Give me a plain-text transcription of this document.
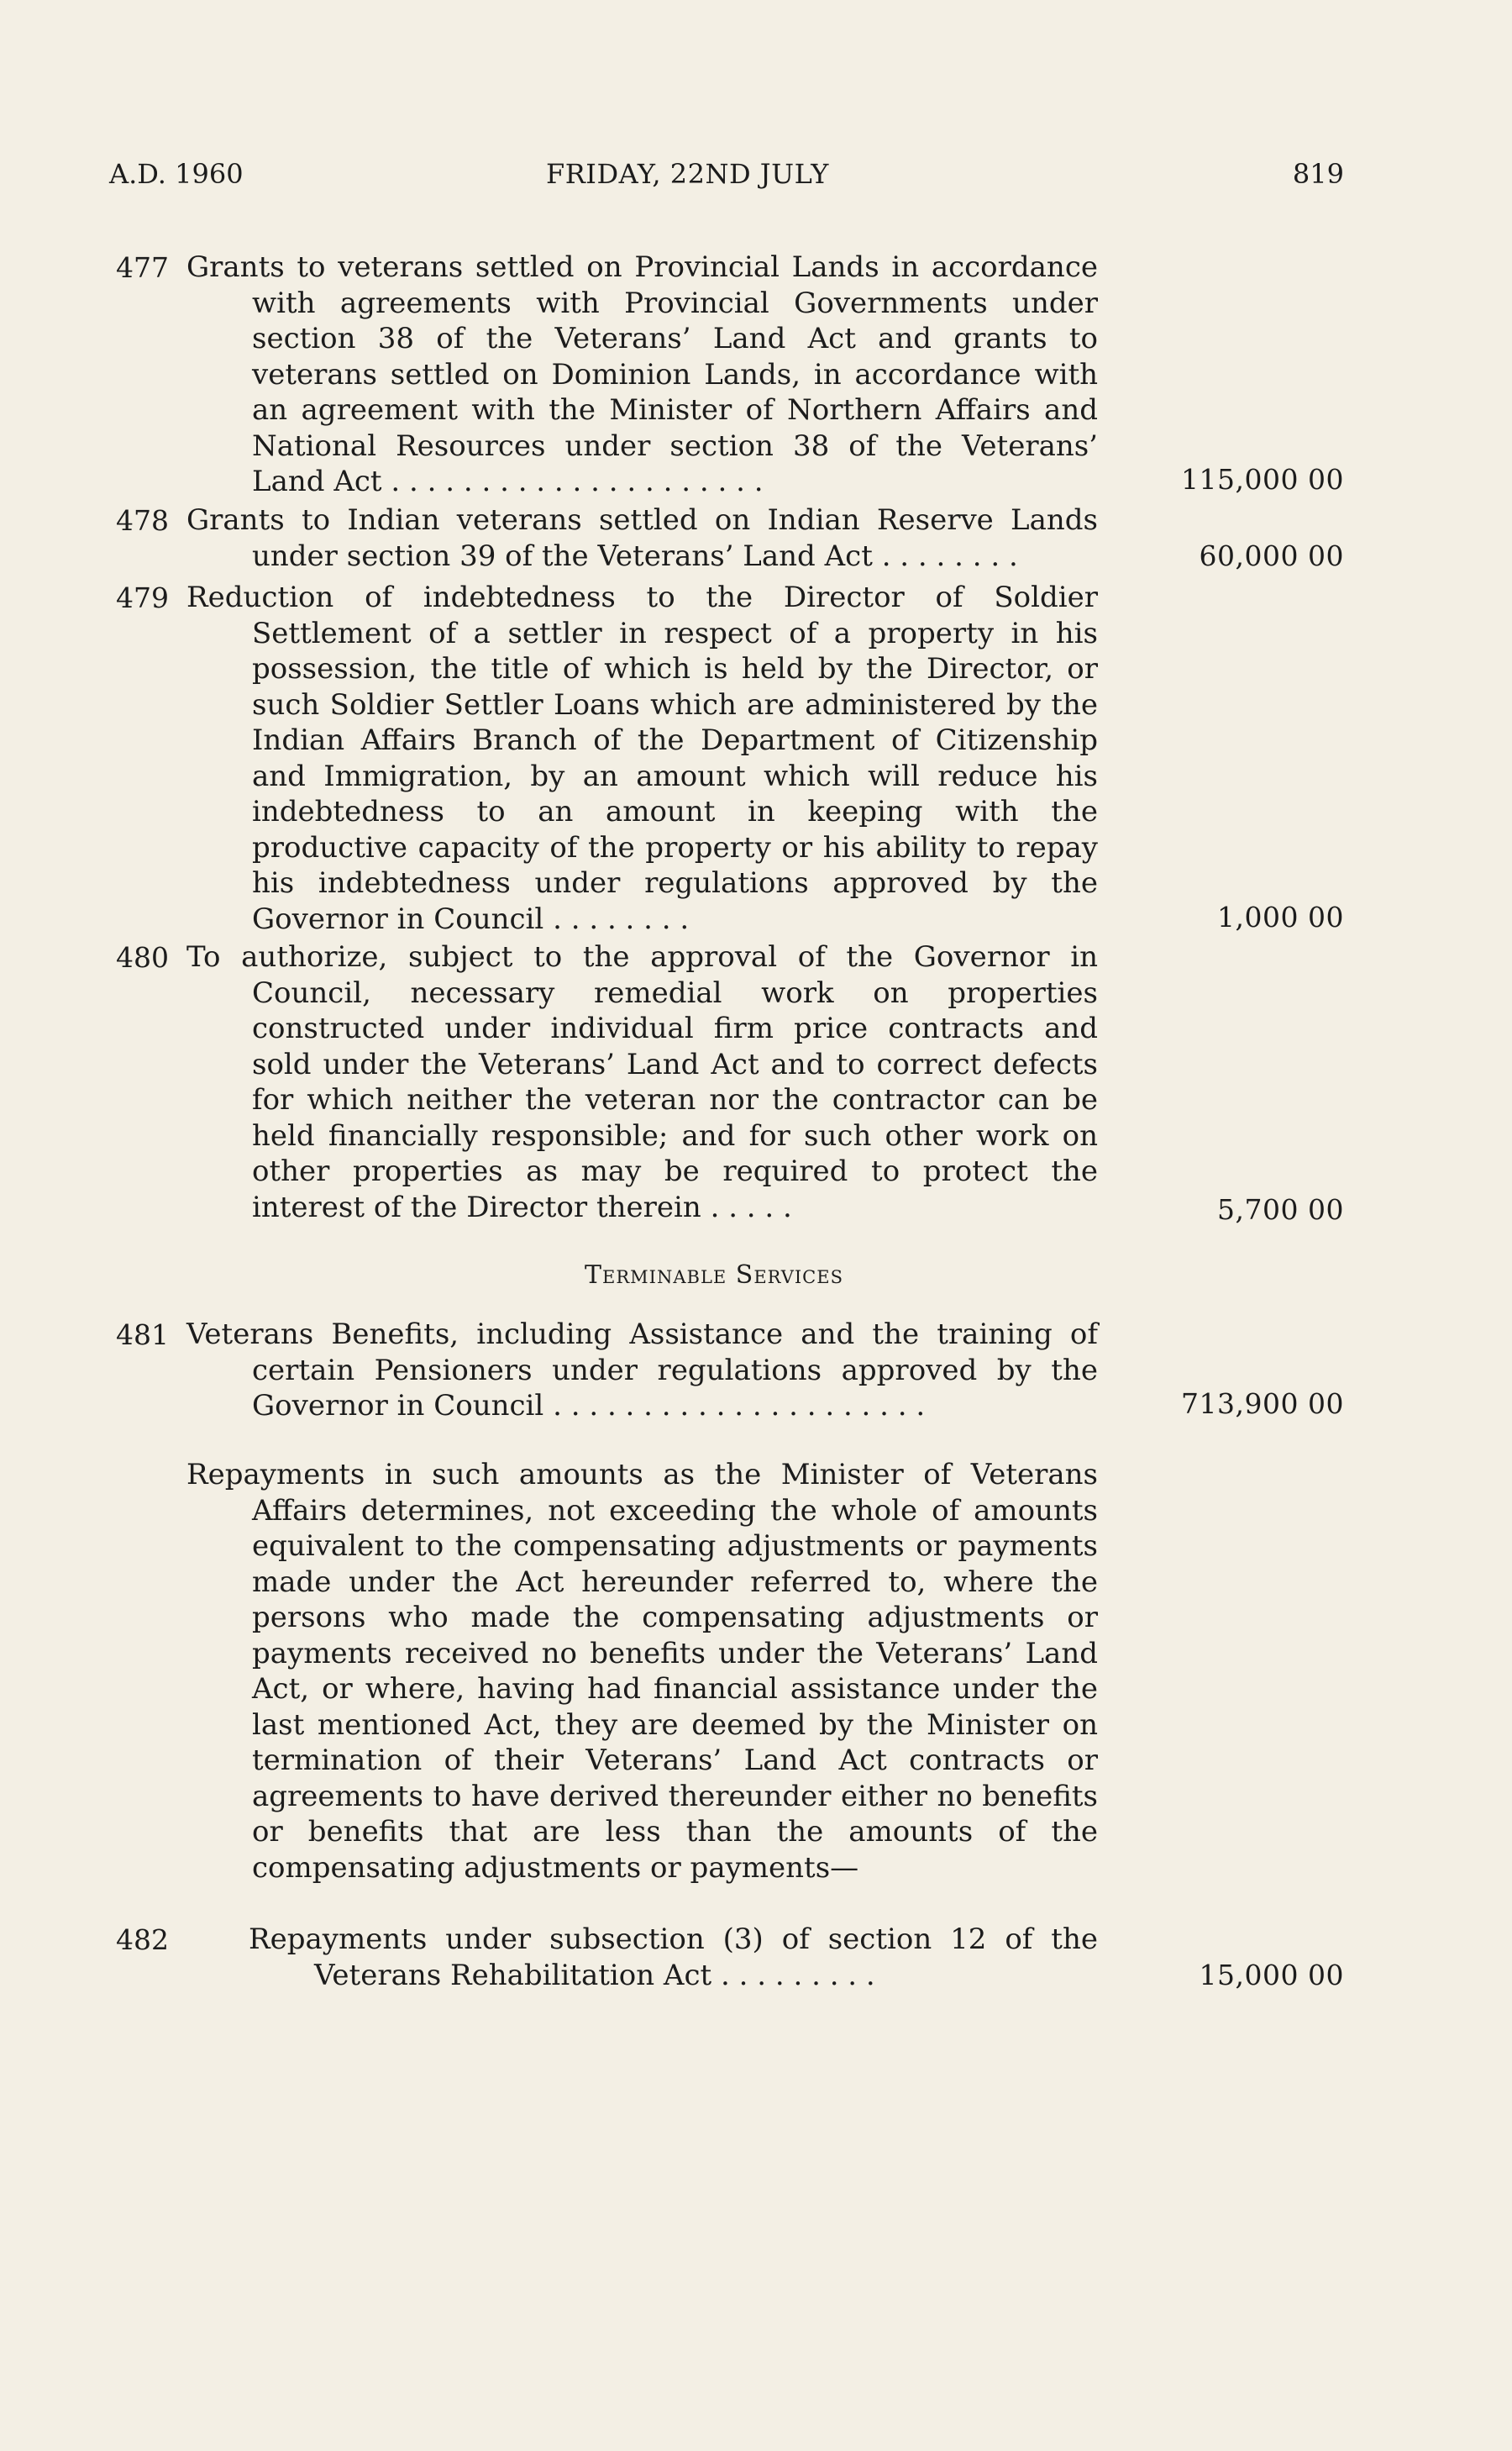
A.D. 1960	FRIDAY, 22ND JULY	819
477 Grants to veterans settled on Provincial Lands in accordance with agreements with Provincial Governments under section 38 of the Veterans’ Land Act and grants to veterans settled on Dominion Lands, in accordance with an agreement with the Minister of Northern Affairs and National Resources under section 38 of the Veterans’ Land Act . . . . . . . . . . . . . . . . . . . . .	115,000 00
478 Grants to Indian veterans settled on Indian Reserve Lands under section 39 of the Veterans’ Land Act . . . . . . . .	60,000 00
479 Reduction of indebtedness to the Director of Soldier Settlement of a settler in respect of a property in his possession, the title of which is held by the Director, or such Soldier Settler Loans which are administered by the Indian Affairs Branch of the Department of Citizenship and Immigration, by an amount which will reduce his indebtedness to an amount in keeping with the productive capacity of the property or his ability to repay his indebtedness under regulations approved by the Governor in Council . . . . . . . .	1,000 00
480 To authorize, subject to the approval of the Governor in Council, necessary remedial work on properties constructed under individual firm price contracts and sold under the Veterans’ Land Act and to correct defects for which neither the veteran nor the contractor can be held financially responsible; and for such other work on other properties as may be required to protect the interest of the Director therein . . . . .	5,700 00
Terminable Services
481 Veterans Benefits, including Assistance and the training of certain Pensioners under regulations approved by the Governor in Council . . . . . . . . . . . . . . . . . . . . .	713,900 00
Repayments in such amounts as the Minister of Veterans Affairs determines, not exceeding the whole of amounts equivalent to the compensating adjustments or payments made under the Act hereunder referred to, where the persons who made the compensating adjustments or payments received no benefits under the Veterans’ Land Act, or where, having had financial assistance under the last mentioned Act, they are deemed by the Minister on termination of their Veterans’ Land Act contracts or agreements to have derived thereunder either no benefits or benefits that are less than the amounts of the compensating adjustments or payments—
482	Repayments under subsection (3) of section 12 of the Veterans Rehabilitation Act . . . . . . . . .	15,000 00
